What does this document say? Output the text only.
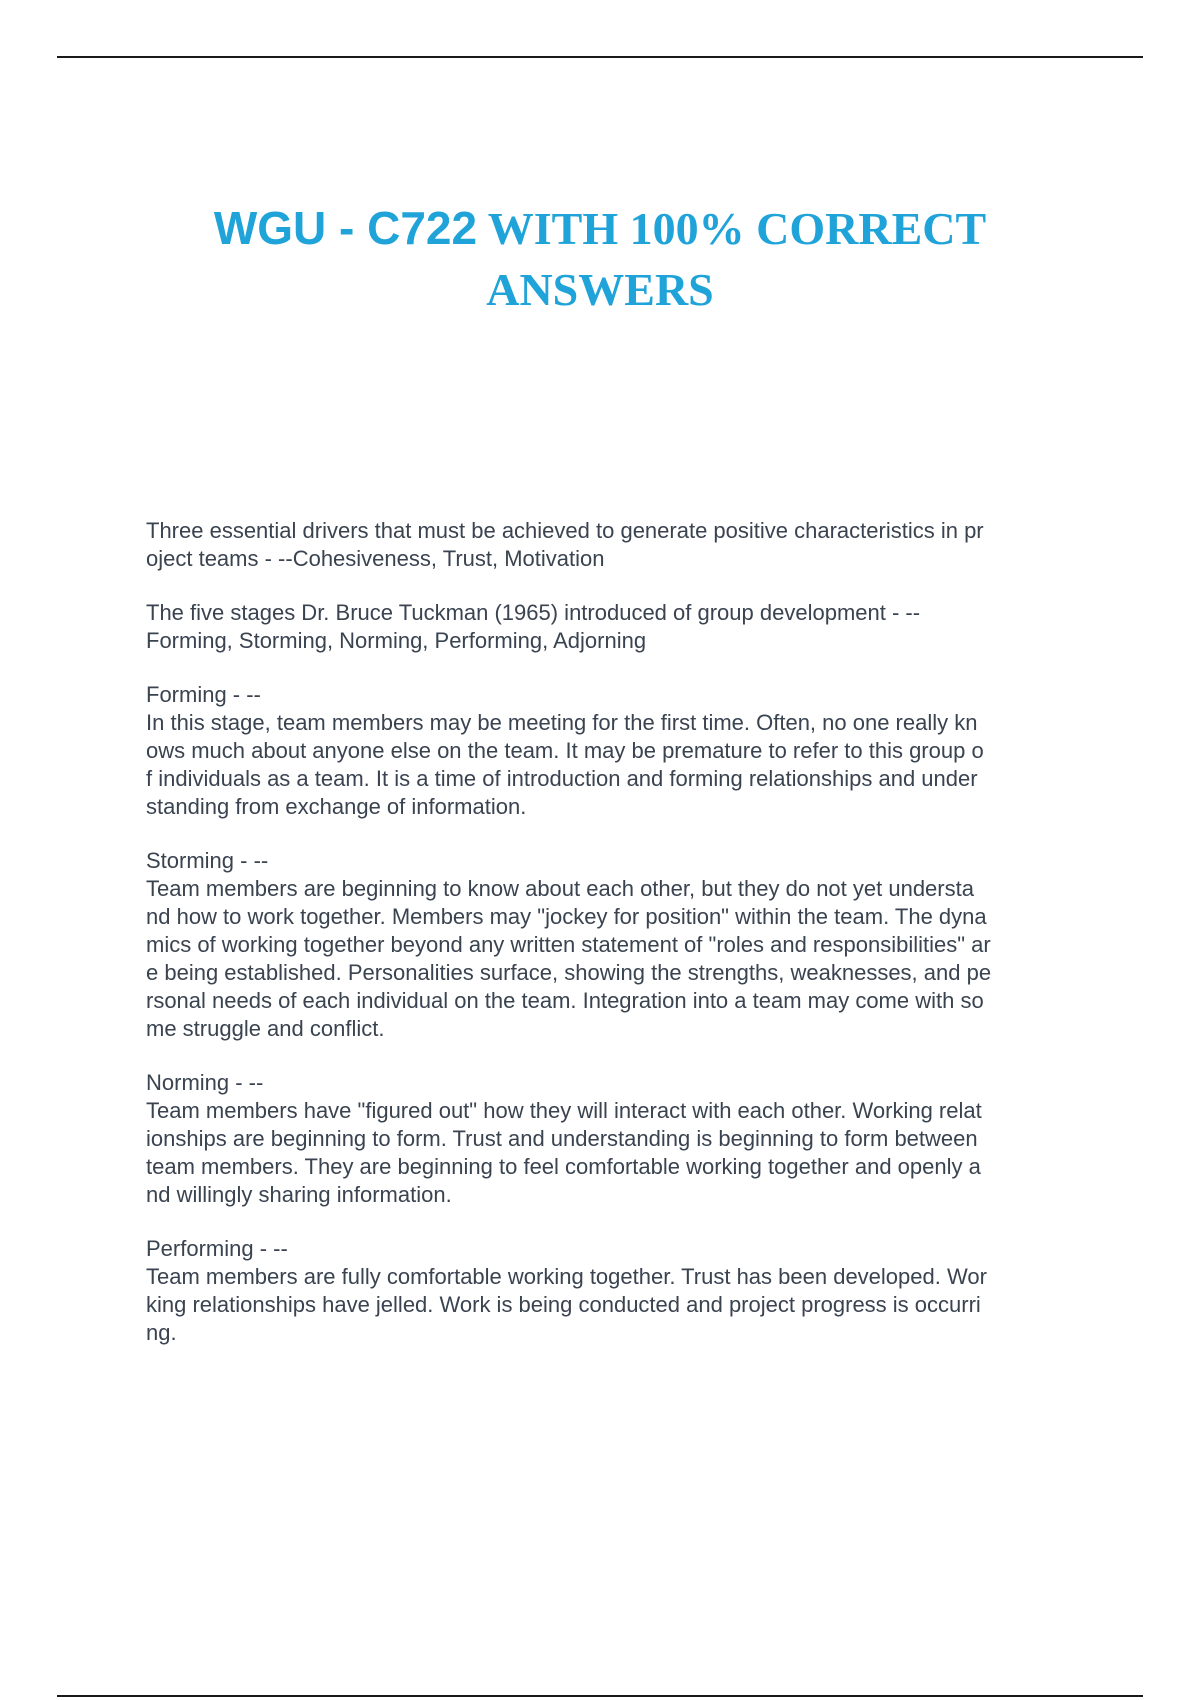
WGU - C722 WITH 100% CORRECT ANSWERS

Three essential drivers that must be achieved to generate positive characteristics in pr

oject teams - --Cohesiveness, Trust, Motivation

The five stages Dr. Bruce Tuckman (1965) introduced of group development - --

Forming, Storming, Norming, Performing, Adjorning

Forming - --

In this stage, team members may be meeting for the first time. Often, no one really kn

ows much about anyone else on the team. It may be premature to refer to this group o

f individuals as a team. It is a time of introduction and forming relationships and under

standing from exchange of information.

Storming - --

Team members are beginning to know about each other, but they do not yet understa

nd how to work together. Members may "jockey for position" within the team. The dyna

mics of working together beyond any written statement of "roles and responsibilities" ar

e being established. Personalities surface, showing the strengths, weaknesses, and pe

rsonal needs of each individual on the team. Integration into a team may come with so

me struggle and conflict.

Norming - --

Team members have "figured out" how they will interact with each other. Working relat

ionships are beginning to form. Trust and understanding is beginning to form between

team members. They are beginning to feel comfortable working together and openly a

nd willingly sharing information.

Performing - --

Team members are fully comfortable working together. Trust has been developed. Wor

king relationships have jelled. Work is being conducted and project progress is occurri

ng.
